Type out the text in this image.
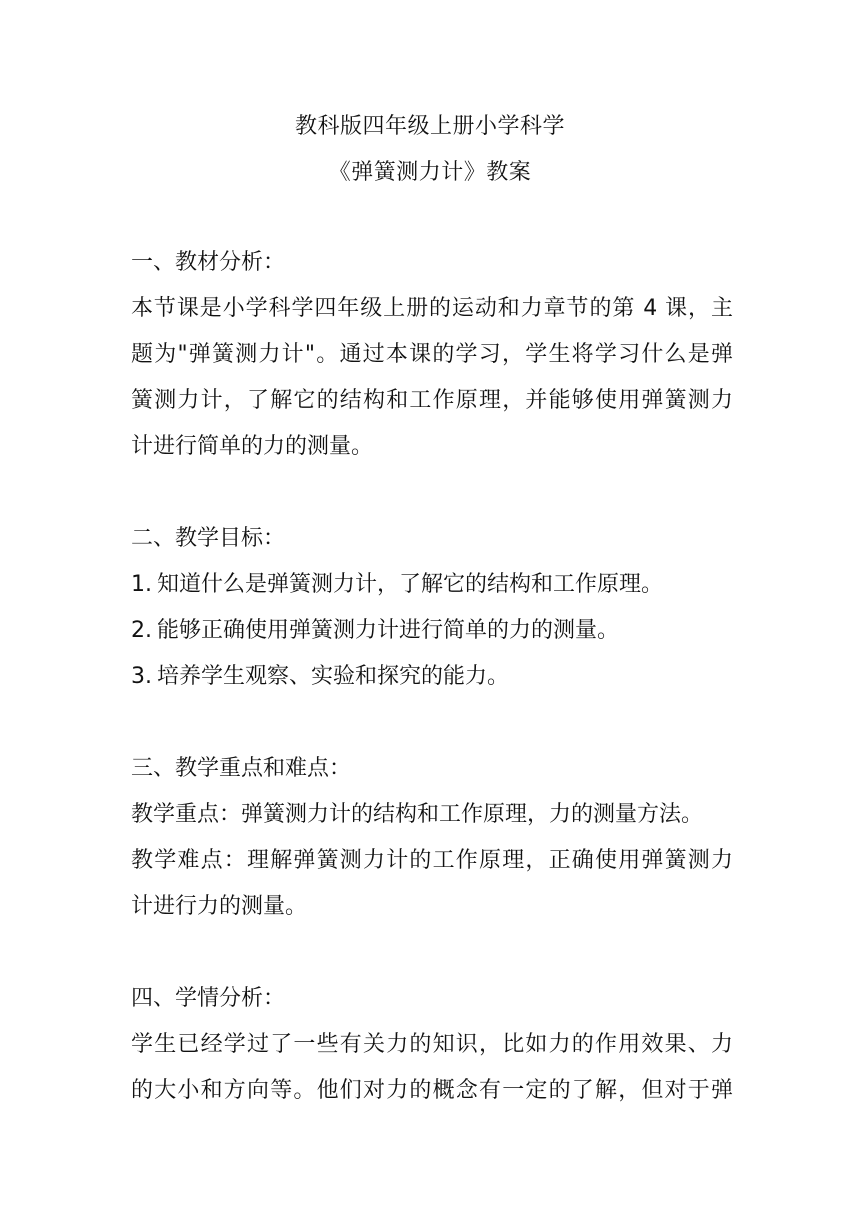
教科版四年级上册小学科学
《弹簧测力计》教案
一、教材分析：
本节课是小学科学四年级上册的运动和力章节的第 4 课，主
题为"弹簧测力计"。通过本课的学习，学生将学习什么是弹
簧测力计，了解它的结构和工作原理，并能够使用弹簧测力
计进行简单的力的测量。
二、教学目标：
1. 知道什么是弹簧测力计，了解它的结构和工作原理。
2. 能够正确使用弹簧测力计进行简单的力的测量。
3. 培养学生观察、实验和探究的能力。
三、教学重点和难点：
教学重点：弹簧测力计的结构和工作原理，力的测量方法。
教学难点：理解弹簧测力计的工作原理，正确使用弹簧测力
计进行力的测量。
四、学情分析：
学生已经学过了一些有关力的知识，比如力的作用效果、力
的大小和方向等。他们对力的概念有一定的了解，但对于弹
